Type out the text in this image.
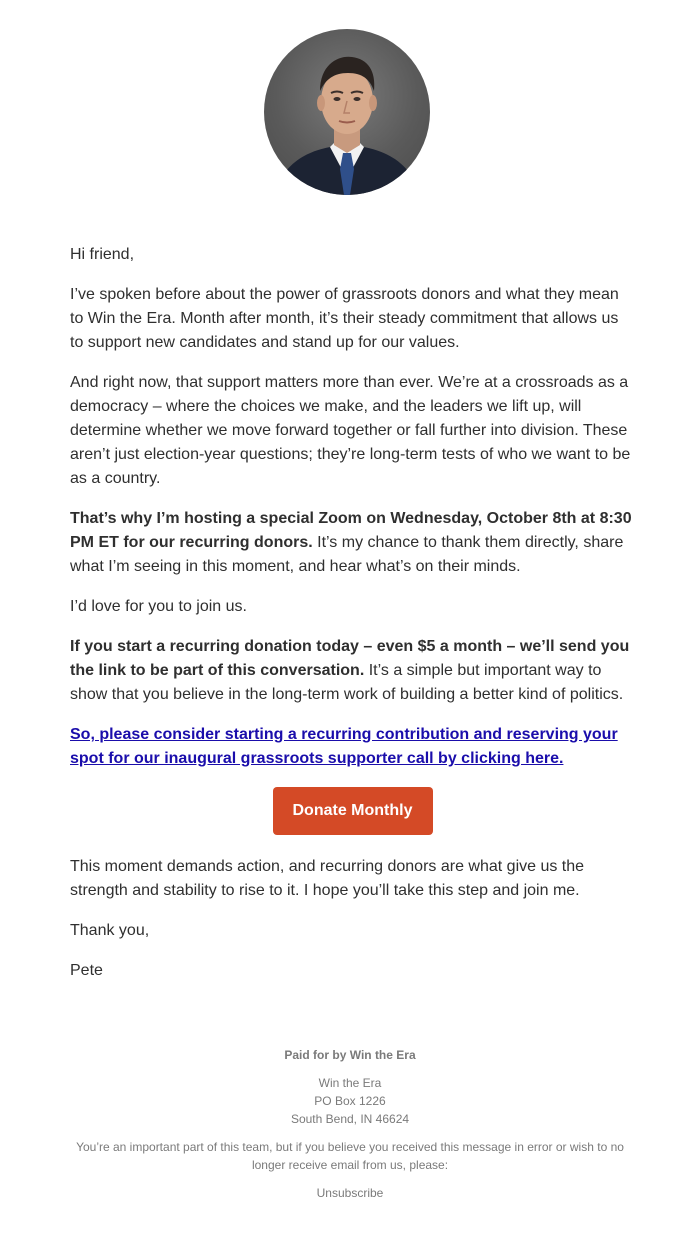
Hi friend,

I’ve spoken before about the power of grassroots donors and what they mean to Win the Era. Month after month, it’s their steady commitment that allows us to support new candidates and stand up for our values.

And right now, that support matters more than ever. We’re at a crossroads as a democracy – where the choices we make, and the leaders we lift up, will determine whether we move forward together or fall further into division. These aren’t just election-year questions; they’re long-term tests of who we want to be as a country.

That’s why I’m hosting a special Zoom on Wednesday, October 8th at 8:30 PM ET for our recurring donors. It’s my chance to thank them directly, share what I’m seeing in this moment, and hear what’s on their minds.

I’d love for you to join us.

If you start a recurring donation today – even $5 a month – we’ll send you the link to be part of this conversation. It’s a simple but important way to show that you believe in the long-term work of building a better kind of politics.

So, please consider starting a recurring contribution and reserving your spot for our inaugural grassroots supporter call by clicking here.

Donate Monthly

This moment demands action, and recurring donors are what give us the strength and stability to rise to it. I hope you’ll take this step and join me.

Thank you,

Pete

Paid for by Win the Era
Win the Era
PO Box 1226
South Bend, IN 46624
You’re an important part of this team, but if you believe you received this message in error or wish to no longer receive email from us, please:
Unsubscribe
